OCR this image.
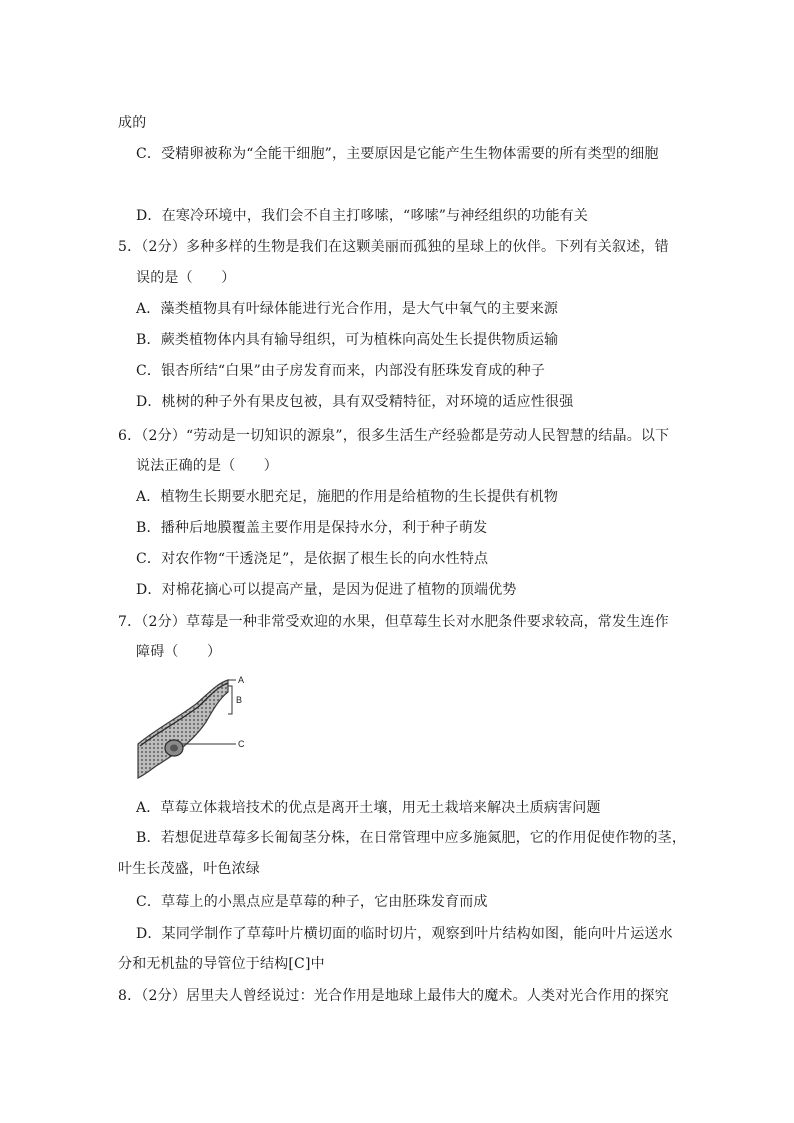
成的
C．受精卵被称为“全能干细胞”，主要原因是它能产生生物体需要的所有类型的细胞
D．在寒冷环境中，我们会不自主打哆嗦，“哆嗦”与神经组织的功能有关
5．（2分）多种多样的生物是我们在这颗美丽而孤独的星球上的伙伴。下列有关叙述，错
误的是（　　）
A．藻类植物具有叶绿体能进行光合作用，是大气中氧气的主要来源
B．蕨类植物体内具有输导组织，可为植株向高处生长提供物质运输
C．银杏所结“白果”由子房发育而来，内部没有胚珠发育成的种子
D．桃树的种子外有果皮包被，具有双受精特征，对环境的适应性很强
6．（2分）“劳动是一切知识的源泉”，很多生活生产经验都是劳动人民智慧的结晶。以下
说法正确的是（　　）
A．植物生长期要水肥充足，施肥的作用是给植物的生长提供有机物
B．播种后地膜覆盖主要作用是保持水分，利于种子萌发
C．对农作物“干透浇足”，是依据了根生长的向水性特点
D．对棉花摘心可以提高产量，是因为促进了植物的顶端优势
7．（2分）草莓是一种非常受欢迎的水果，但草莓生长对水肥条件要求较高，常发生连作
障碍（　　）
A
B
C
A．草莓立体栽培技术的优点是离开土壤，用无土栽培来解决土质病害问题
B．若想促进草莓多长匍匐茎分株，在日常管理中应多施氮肥，它的作用促使作物的茎，
叶生长茂盛，叶色浓绿
C．草莓上的小黑点应是草莓的种子，它由胚珠发育而成
D．某同学制作了草莓叶片横切面的临时切片，观察到叶片结构如图，能向叶片运送水
分和无机盐的导管位于结构[C]中
8．（2分）居里夫人曾经说过：光合作用是地球上最伟大的魔术。人类对光合作用的探究
